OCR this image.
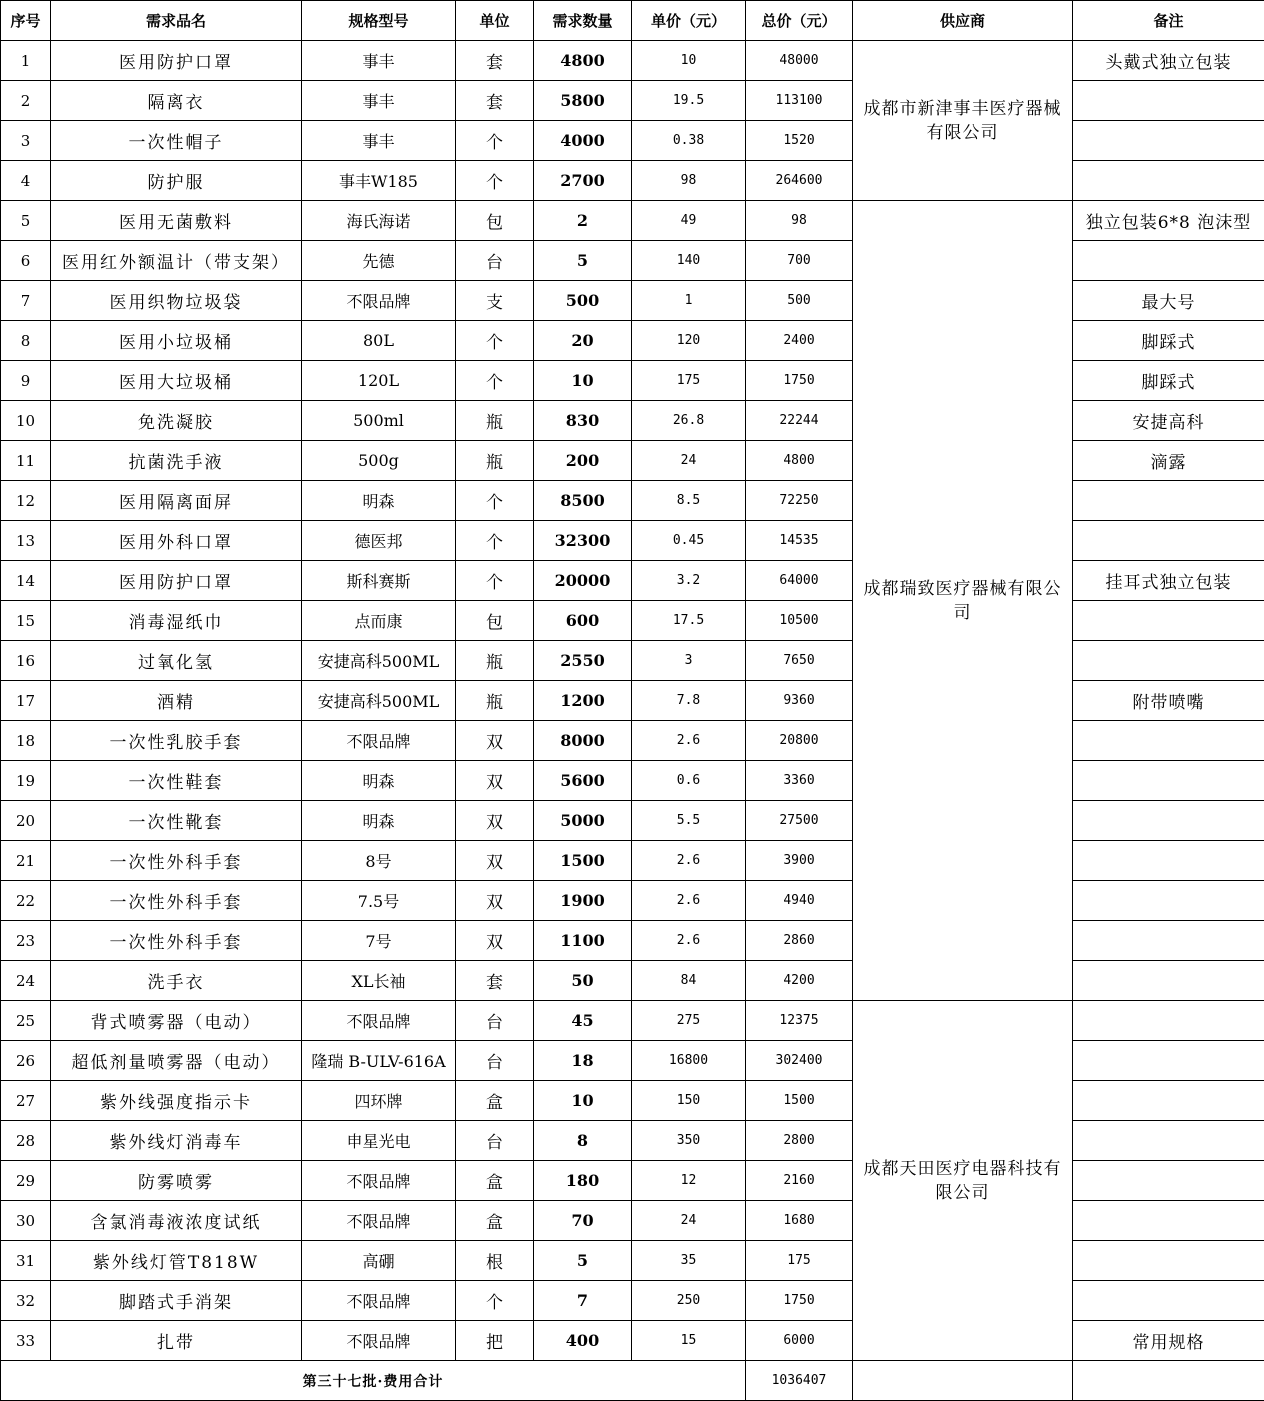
序号	需求品名	规格型号	单位	需求数量	单价（元）	总价（元）	供应商	备注
1	医用防护口罩	事丰	套	4800	10	48000	成都市新津事丰医疗器械有限公司	头戴式独立包装
2	隔离衣	事丰	套	5800	19.5	113100		
3	一次性帽子	事丰	个	4000	0.38	1520		
4	防护服	事丰W185	个	2700	98	264600		
5	医用无菌敷料	海氏海诺	包	2	49	98	成都瑞致医疗器械有限公司	独立包装6*8 泡沫型
6	医用红外额温计（带支架）	先德	台	5	140	700		
7	医用织物垃圾袋	不限品牌	支	500	1	500		最大号
8	医用小垃圾桶	80L	个	20	120	2400		脚踩式
9	医用大垃圾桶	120L	个	10	175	1750		脚踩式
10	免洗凝胶	500ml	瓶	830	26.8	22244		安捷高科
11	抗菌洗手液	500g	瓶	200	24	4800		滴露
12	医用隔离面屏	明森	个	8500	8.5	72250		
13	医用外科口罩	德医邦	个	32300	0.45	14535		
14	医用防护口罩	斯科赛斯	个	20000	3.2	64000		挂耳式独立包装
15	消毒湿纸巾	点而康	包	600	17.5	10500		
16	过氧化氢	安捷高科500ML	瓶	2550	3	7650		
17	酒精	安捷高科500ML	瓶	1200	7.8	9360		附带喷嘴
18	一次性乳胶手套	不限品牌	双	8000	2.6	20800		
19	一次性鞋套	明森	双	5600	0.6	3360		
20	一次性靴套	明森	双	5000	5.5	27500		
21	一次性外科手套	8号	双	1500	2.6	3900		
22	一次性外科手套	7.5号	双	1900	2.6	4940		
23	一次性外科手套	7号	双	1100	2.6	2860		
24	洗手衣	XL长袖	套	50	84	4200		
25	背式喷雾器（电动）	不限品牌	台	45	275	12375	成都天田医疗电器科技有限公司	
26	超低剂量喷雾器（电动）	隆瑞 B-ULV-616A	台	18	16800	302400		
27	紫外线强度指示卡	四环牌	盒	10	150	1500		
28	紫外线灯消毒车	申星光电	台	8	350	2800		
29	防雾喷雾	不限品牌	盒	180	12	2160		
30	含氯消毒液浓度试纸	不限品牌	盒	70	24	1680		
31	紫外线灯管T818W	高硼	根	5	35	175		
32	脚踏式手消架	不限品牌	个	7	250	1750		
33	扎带	不限品牌	把	400	15	6000		常用规格
第三十七批·费用合计						1036407		
